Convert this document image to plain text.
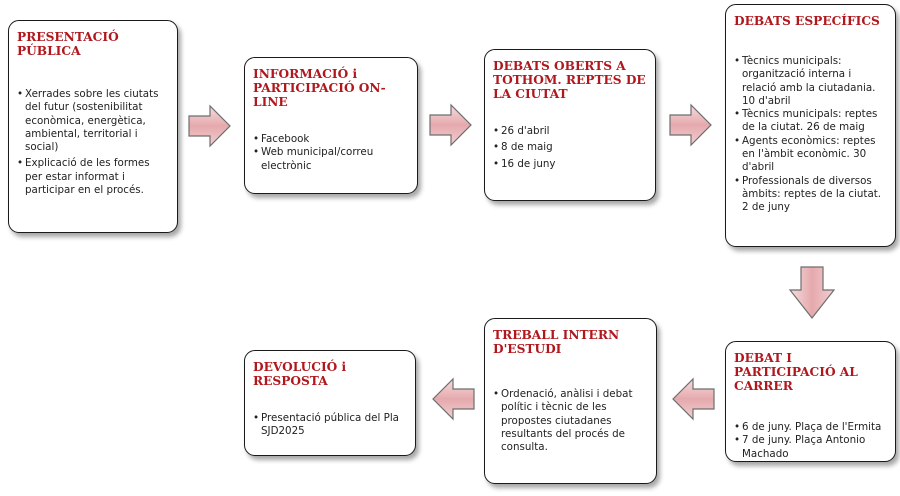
PRESENTACIÓ PÚBLICA
• Xerrades sobre les ciutats del futur (sostenibilitat econòmica, energètica, ambiental, territorial i social)
• Explicació de les formes per estar informat i participar en el procés.
INFORMACIÓ i PARTICIPACIÓ ON-LINE
• Facebook
• Web municipal/correu electrònic
DEBATS OBERTS A TOTHOM. REPTES DE LA CIUTAT
• 26 d'abril
• 8 de maig
• 16 de juny
DEBATS ESPECÍFICS
• Tècnics municipals: organització interna i relació amb la ciutadania. 10 d'abril
• Tècnics municipals: reptes de la ciutat. 26 de maig
• Agents econòmics: reptes en l'àmbit econòmic. 30 d'abril
• Professionals de diversos àmbits: reptes de la ciutat. 2 de juny
DEBAT I PARTICIPACIÓ AL CARRER
• 6 de juny. Plaça de l'Ermita
• 7 de juny. Plaça Antonio Machado
TREBALL INTERN D'ESTUDI
• Ordenació, anàlisi i debat polític i tècnic de les propostes ciutadanes resultants del procés de consulta.
DEVOLUCIÓ i RESPOSTA
• Presentació pública del Pla SJD2025
